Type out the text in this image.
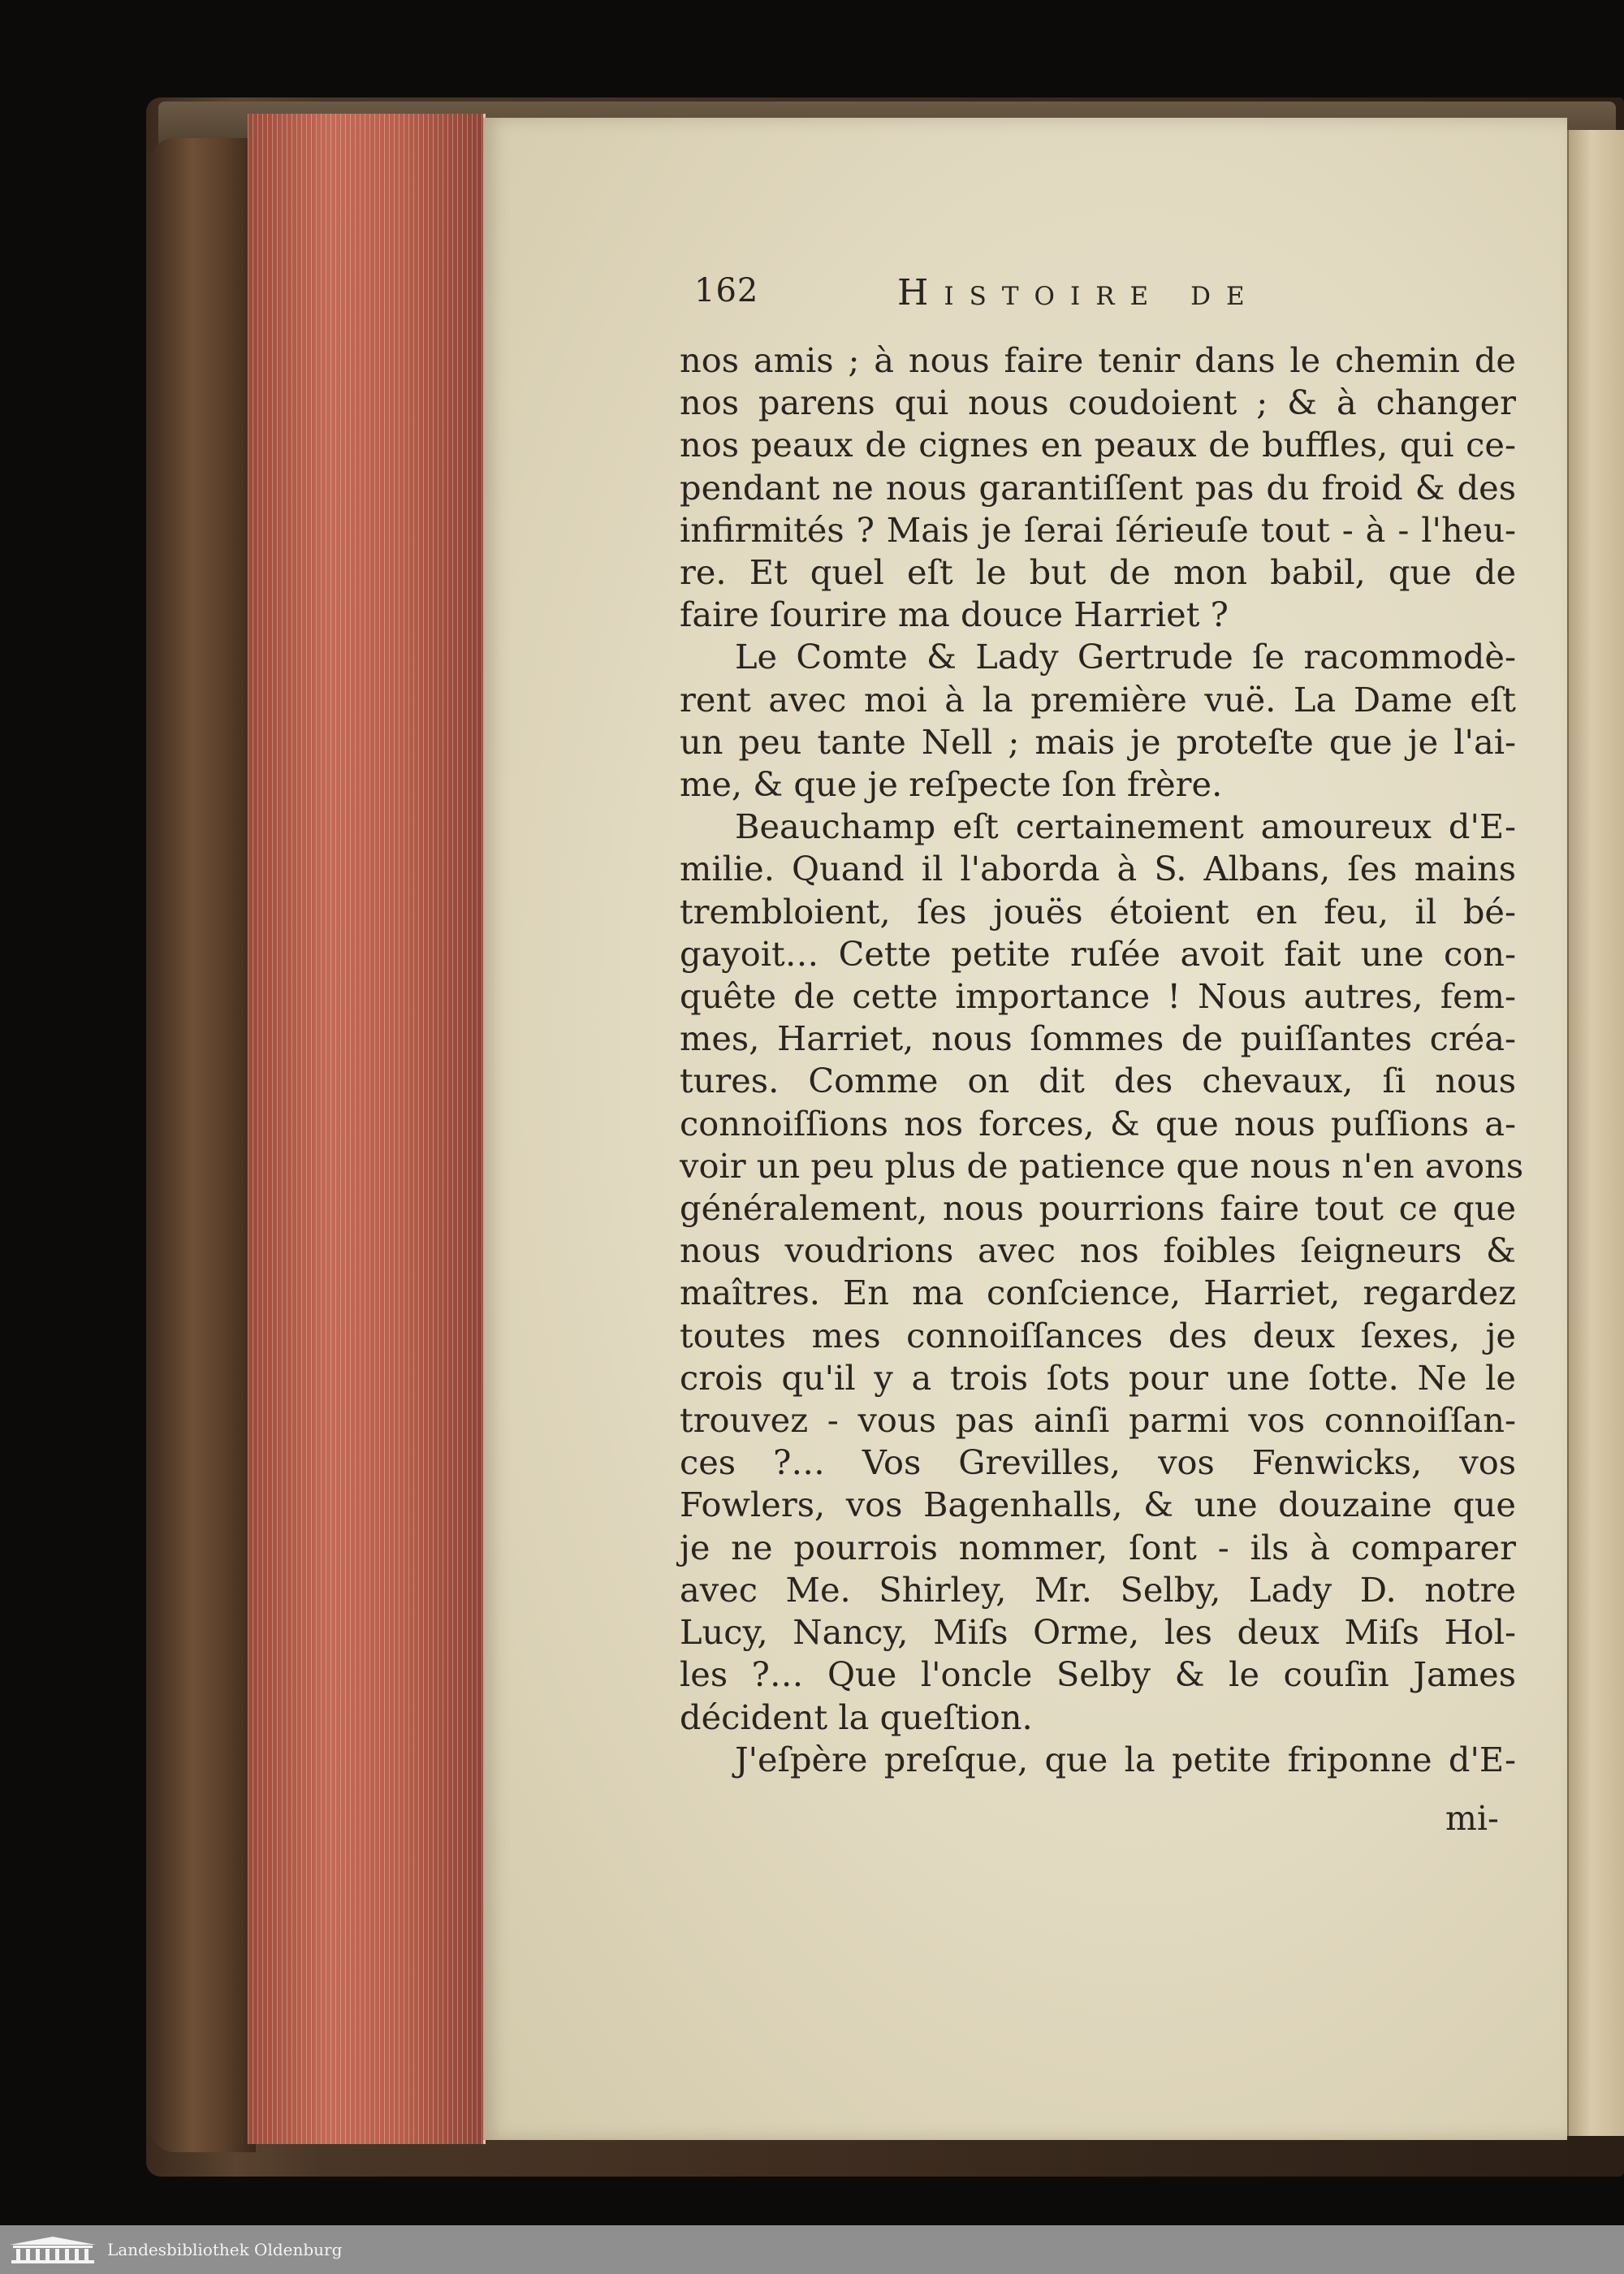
162	Histoire de
nos amis ; à nous faire tenir dans le chemin de
nos parens qui nous coudoient ; & à changer
nos peaux de cignes en peaux de buffles, qui ce-
pendant ne nous garantiſſent pas du froid & des
infirmités ? Mais je ſerai ſérieuſe tout - à - l'heu-
re. Et quel eſt le but de mon babil, que de
faire ſourire ma douce Harriet ?
Le Comte & Lady Gertrude ſe racommodè-
rent avec moi à la première vuë. La Dame eſt
un peu tante Nell ; mais je proteſte que je l'ai-
me, & que je reſpecte ſon frère.
Beauchamp eſt certainement amoureux d'E-
milie. Quand il l'aborda à S. Albans, ſes mains
trembloient, ſes jouës étoient en feu, il bé-
gayoit… Cette petite ruſée avoit fait une con-
quête de cette importance ! Nous autres, fem-
mes, Harriet, nous ſommes de puiſſantes créa-
tures. Comme on dit des chevaux, ſi nous
connoiſſions nos forces, & que nous puſſions a-
voir un peu plus de patience que nous n'en avons
généralement, nous pourrions faire tout ce que
nous voudrions avec nos foibles ſeigneurs &
maîtres. En ma conſcience, Harriet, regardez
toutes mes connoiſſances des deux ſexes, je
crois qu'il y a trois ſots pour une ſotte. Ne le
trouvez - vous pas ainſi parmi vos connoiſſan-
ces ?… Vos Grevilles, vos Fenwicks, vos
Fowlers, vos Bagenhalls, & une douzaine que
je ne pourrois nommer, ſont - ils à comparer
avec Me. Shirley, Mr. Selby, Lady D. notre
Lucy, Nancy, Miſs Orme, les deux Miſs Hol-
les ?… Que l'oncle Selby & le couſin James
décident la queſtion.
J'eſpère preſque, que la petite friponne d'E-
mi-
Landesbibliothek Oldenburg
